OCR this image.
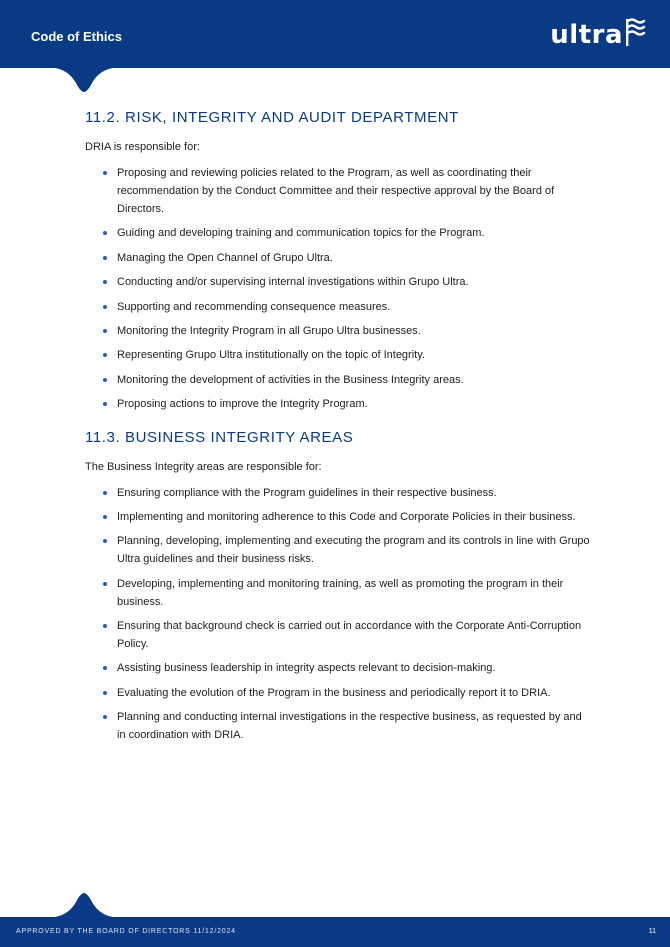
Code of Ethics	ultra
11.2. RISK, INTEGRITY AND AUDIT DEPARTMENT

DRIA is responsible for:

Proposing and reviewing policies related to the Program, as well as coordinating their recommendation by the Conduct Committee and their respective approval by the Board of Directors.
Guiding and developing training and communication topics for the Program.
Managing the Open Channel of Grupo Ultra.
Conducting and/or supervising internal investigations within Grupo Ultra.
Supporting and recommending consequence measures.
Monitoring the Integrity Program in all Grupo Ultra businesses.
Representing Grupo Ultra institutionally on the topic of Integrity.
Monitoring the development of activities in the Business Integrity areas.
Proposing actions to improve the Integrity Program.
11.3. BUSINESS INTEGRITY AREAS

The Business Integrity areas are responsible for:

Ensuring compliance with the Program guidelines in their respective business.
Implementing and monitoring adherence to this Code and Corporate Policies in their business.
Planning, developing, implementing and executing the program and its controls in line with Grupo Ultra guidelines and their business risks.
Developing, implementing and monitoring training, as well as promoting the program in their business.
Ensuring that background check is carried out in accordance with the Corporate Anti-Corruption Policy.
Assisting business leadership in integrity aspects relevant to decision-making.
Evaluating the evolution of the Program in the business and periodically report it to DRIA.
Planning and conducting internal investigations in the respective business, as requested by and in coordination with DRIA.
APPROVED BY THE BOARD OF DIRECTORS 11/12/2024	11
